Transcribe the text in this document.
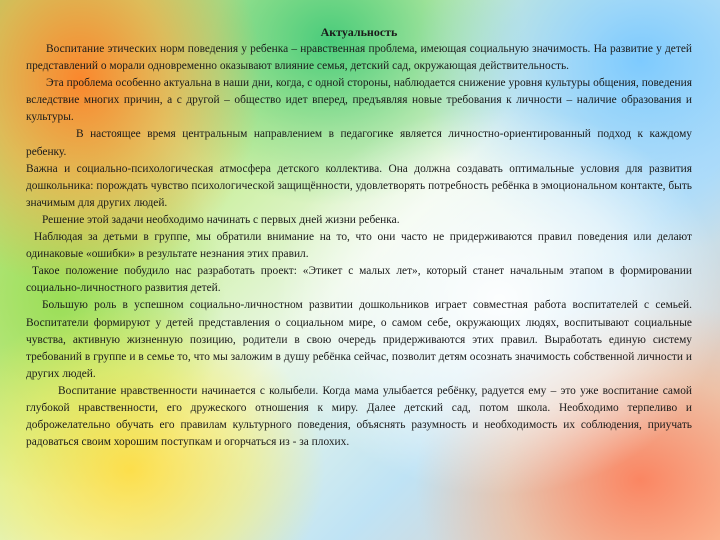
Актуальность

Воспитание этических норм поведения у ребенка – нравственная проблема, имеющая социальную значимость. На развитие у детей представлений о морали одновременно оказывают влияние семья, детский сад, окружающая действительность.

Эта проблема особенно актуальна в наши дни, когда, с одной стороны, наблюдается снижение уровня культуры общения, поведения вследствие многих причин, а с другой – общество идет вперед, предъявляя новые требования к личности – наличие образования и культуры.

В настоящее время центральным направлением в педагогике является личностно-ориентированный подход к каждому ребенку.

Важна и социально-психологическая атмосфера детского коллектива. Она должна создавать оптимальные условия для развития дошкольника: порождать чувство психологической защищённости, удовлетворять потребность ребёнка в эмоциональном контакте, быть значимым для других людей.

Решение этой задачи необходимо начинать с первых дней жизни ребенка.

Наблюдая за детьми в группе, мы обратили внимание на то, что они часто не придерживаются правил поведения или делают одинаковые «ошибки» в результате незнания этих правил.

Такое положение побудило нас разработать проект: «Этикет с малых лет», который станет начальным этапом в формировании социально-личностного развития детей.

Большую роль в успешном социально-личностном развитии дошкольников играет совместная работа воспитателей с семьей. Воспитатели формируют у детей представления о социальном мире, о самом себе, окружающих людях, воспитывают социальные чувства, активную жизненную позицию, родители в свою очередь придерживаются этих правил. Выработать единую систему требований в группе и в семье то, что мы заложим в душу ребёнка сейчас, позволит детям осознать значимость собственной личности и других людей.

Воспитание нравственности начинается с колыбели. Когда мама улыбается ребёнку, радуется ему – это уже воспитание самой глубокой нравственности, его дружеского отношения к миру. Далее детский сад, потом школа. Необходимо терпеливо и доброжелательно обучать его правилам культурного поведения, объяснять разумность и необходимость их соблюдения, приучать радоваться своим хорошим поступкам и огорчаться из - за плохих.
